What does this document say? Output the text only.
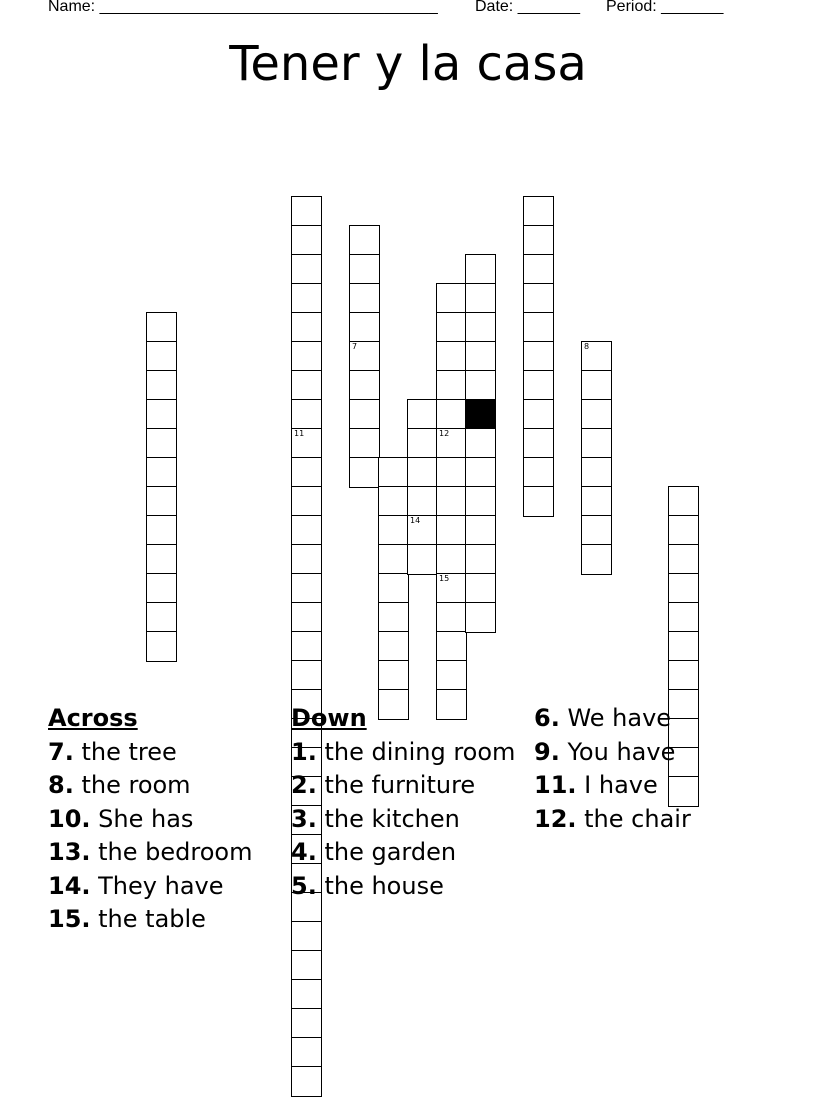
Name: ______________________________________ Date: _______ Period: _______
Tener y la casa
11
7
14
12
15
10
8
Across
7. the tree
8. the room
10. She has
13. the bedroom
14. They have
15. the table
Down
1. the dining room
2. the furniture
3. the kitchen
4. the garden
5. the house
6. We have
9. You have
11. I have
12. the chair
